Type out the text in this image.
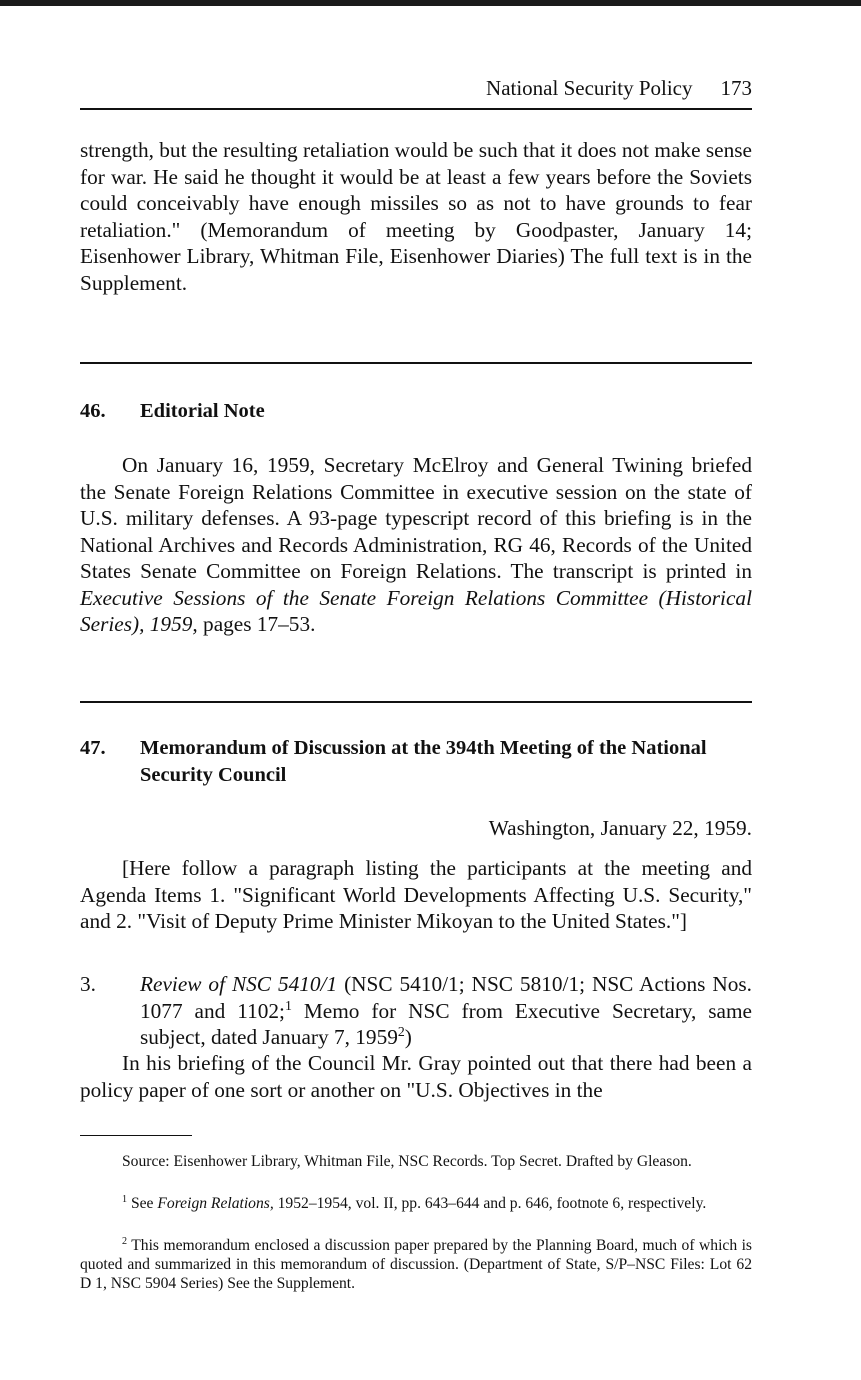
National Security Policy 173

strength, but the resulting retaliation would be such that it does not make sense for war. He said he thought it would be at least a few years before the Soviets could conceivably have enough missiles so as not to have grounds to fear retaliation." (Memorandum of meeting by Goodpaster, January 14; Eisenhower Library, Whitman File, Eisenhower Diaries) The full text is in the Supplement.

46.	Editorial Note

On January 16, 1959, Secretary McElroy and General Twining briefed the Senate Foreign Relations Committee in executive session on the state of U.S. military defenses. A 93-page typescript record of this briefing is in the National Archives and Records Administration, RG 46, Records of the United States Senate Committee on Foreign Relations. The transcript is printed in Executive Sessions of the Senate Foreign Relations Committee (Historical Series), 1959, pages 17–53.

47.	Memorandum of Discussion at the 394th Meeting of the National Security Council

Washington, January 22, 1959.

[Here follow a paragraph listing the participants at the meeting and Agenda Items 1. "Significant World Developments Affecting U.S. Security," and 2. "Visit of Deputy Prime Minister Mikoyan to the United States."]

3.	Review of NSC 5410/1 (NSC 5410/1; NSC 5810/1; NSC Actions Nos. 1077 and 1102;$^1$ Memo for NSC from Executive Secretary, same subject, dated January 7, 1959$^2$)

In his briefing of the Council Mr. Gray pointed out that there had been a policy paper of one sort or another on "U.S. Objectives in the

Source: Eisenhower Library, Whitman File, NSC Records. Top Secret. Drafted by Gleason.

$^1$ See Foreign Relations, 1952–1954, vol. II, pp. 643–644 and p. 646, footnote 6, respectively.

$^2$ This memorandum enclosed a discussion paper prepared by the Planning Board, much of which is quoted and summarized in this memorandum of discussion. (Department of State, S/P–NSC Files: Lot 62 D 1, NSC 5904 Series) See the Supplement.
